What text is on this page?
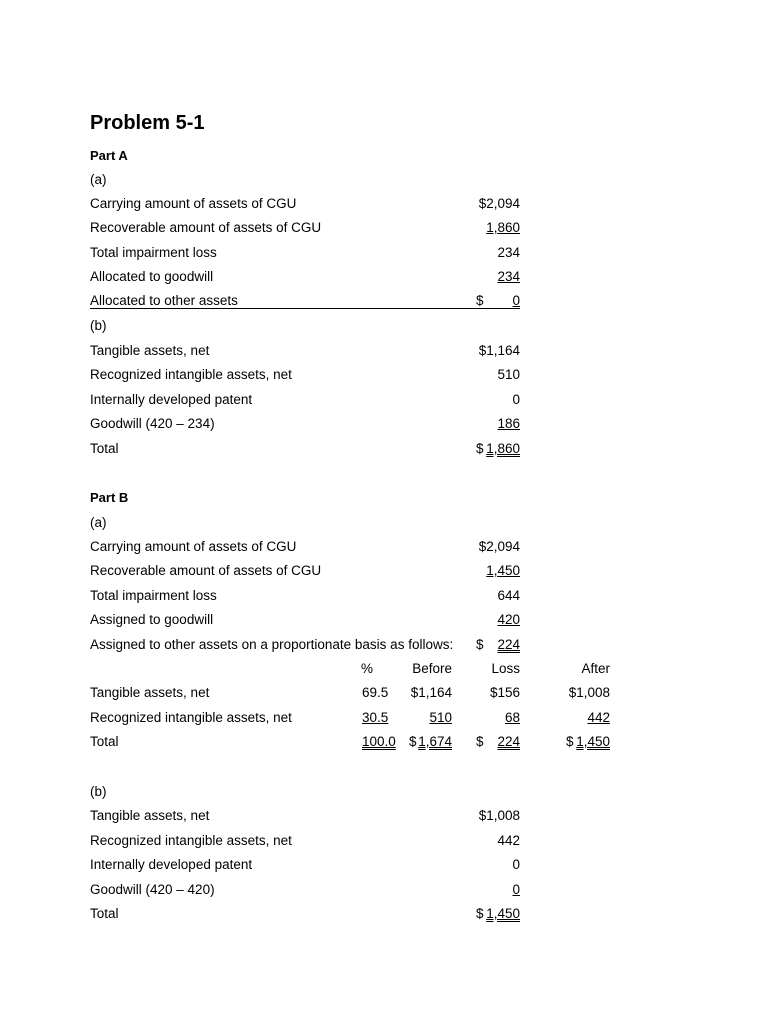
Problem 5-1
Part A
(a)
Carrying amount of assets of CGU	$2,094
Recoverable amount of assets of CGU	1,860
Total impairment loss	234
Allocated to goodwill	234
Allocated to other assets	$ 0
(b)
Tangible assets, net	$1,164
Recognized intangible assets, net	510
Internally developed patent	0
Goodwill (420 – 234)	186
Total	$ 1,860
Part B
(a)
Carrying amount of assets of CGU	$2,094
Recoverable amount of assets of CGU	1,450
Total impairment loss	644
Assigned to goodwill	420
Assigned to other assets on a proportionate basis as follows: $ 224
%	Before	Loss	After
Tangible assets, net	69.5 $1,164	$156	$1,008
Recognized intangible assets, net	30.5	510	68	442
Total	100.0 $ 1,674 $ 224	$ 1,450
(b)
Tangible assets, net	$1,008
Recognized intangible assets, net	442
Internally developed patent	0
Goodwill (420 – 420)	0
Total	$ 1,450
